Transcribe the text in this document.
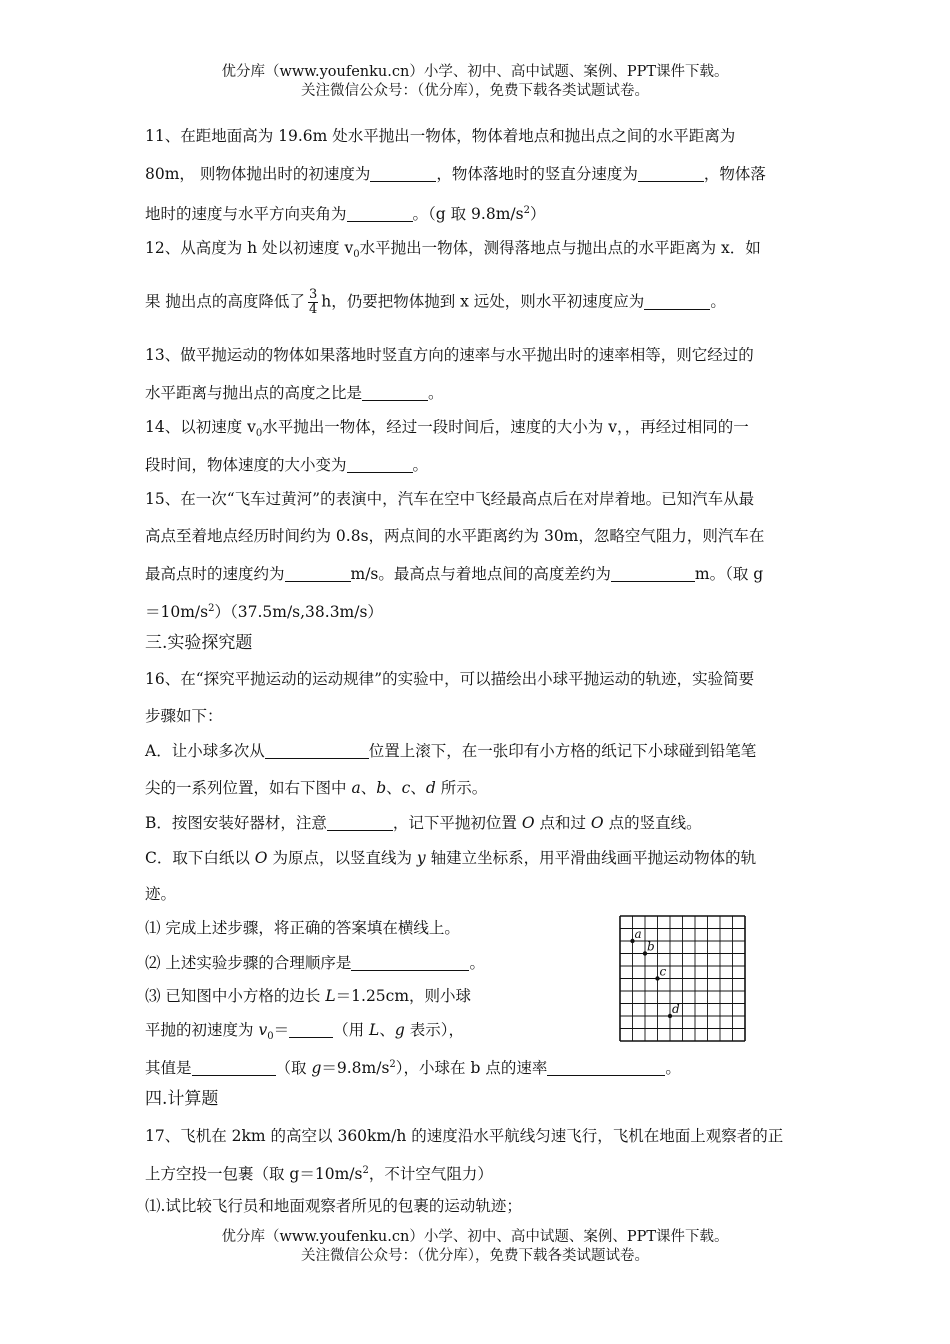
优分库（www.youfenku.cn）小学、初中、高中试题、案例、PPT课件下载。
关注微信公众号：（优分库），免费下载各类试题试卷。
11、在距地面高为 19.6m 处水平抛出一物体，物体着地点和抛出点之间的水平距离为
80m， 则物体抛出时的初速度为	，物体落地时的竖直分速度为	，物体落
地时的速度与水平方向夹角为	。（g 取 $9.8m/s^2$）
12、从高度为 h 处以初速度 $v_0$水平抛出一物体，测得落地点与抛出点的水平距离为 x．如
果 抛出点的高度降低了 $\frac{3}{4}$ h，仍要把物体抛到 x 远处，则水平初速度应为	。
13、做平抛运动的物体如果落地时竖直方向的速率与水平抛出时的速率相等，则它经过的
水平距离与抛出点的高度之比是	。
14、以初速度 $v_0$水平抛出一物体，经过一段时间后，速度的大小为 v，，再经过相同的一
段时间，物体速度的大小变为	。
15、在一次“飞车过黄河”的表演中，汽车在空中飞经最高点后在对岸着地。已知汽车从最
高点至着地点经历时间约为 0.8s，两点间的水平距离约为 30m，忽略空气阻力，则汽车在
最高点时的速度约为	m/s。最高点与着地点间的高度差约为	m。（取 g
$=10m/s^2)(37.5m/s,38.3m/s)$
三.实验探究题
16、在“探究平抛运动的运动规律”的实验中，可以描绘出小球平抛运动的轨迹，实验简要
步骤如下：
A．让小球多次从	位置上滚下，在一张印有小方格的纸记下小球碰到铅笔笔
尖的一系列位置，如右下图中 a、b、c、d 所示。
B．按图安装好器材，注意	，记下平抛初位置 O 点和过 O 点的竖直线。
C．取下白纸以 O 为原点，以竖直线为 y 轴建立坐标系，用平滑曲线画平抛运动物体的轨
迹。
⑴ 完成上述步骤，将正确的答案填在横线上。
⑵ 上述实验步骤的合理顺序是	。
⑶ 已知图中小方格的边长 L＝1.25cm，则小球
平抛的初速度为 $v_0=$	（用 L、g 表示），
其值是	（取 $g=9.8m/s^2$），小球在 b 点的速率	。
a
b
c
d
四.计算题
17、飞机在 2km 的高空以 360km/h 的速度沿水平航线匀速飞行，飞机在地面上观察者的正
上方空投一包裹（取 $g=10m/s^2$，不计空气阻力）
⑴.试比较飞行员和地面观察者所见的包裹的运动轨迹；
优分库（www.youfenku.cn）小学、初中、高中试题、案例、PPT课件下载。
关注微信公众号：（优分库），免费下载各类试题试卷。
